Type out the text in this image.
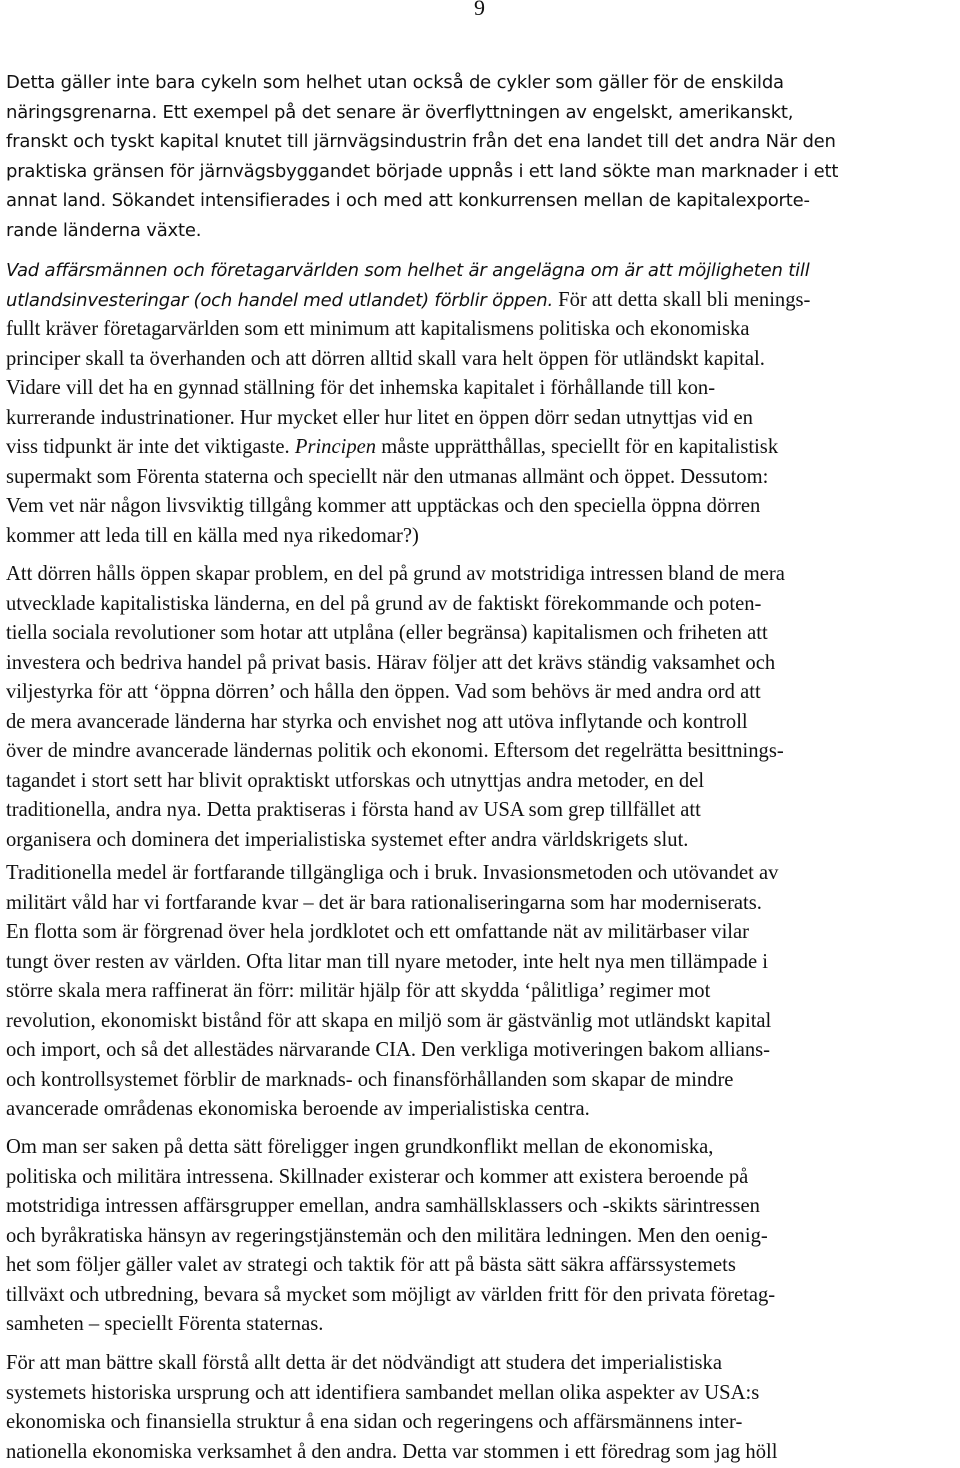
9
Detta gäller inte bara cykeln som helhet utan också de cykler som gäller för de enskilda
näringsgrenarna. Ett exempel på det senare är överflyttningen av engelskt, amerikanskt,
franskt och tyskt kapital knutet till järnvägsindustrin från det ena landet till det andra När den
praktiska gränsen för järnvägsbyggandet började uppnås i ett land sökte man marknader i ett
annat land. Sökandet intensifierades i och med att konkurrensen mellan de kapitalexporte-
rande länderna växte.
Vad affärsmännen och företagarvärlden som helhet är angelägna om är att möjligheten till
utlandsinvesteringar (och handel med utlandet) förblir öppen. För att detta skall bli menings-
fullt kräver företagarvärlden som ett minimum att kapitalismens politiska och ekonomiska
principer skall ta överhanden och att dörren alltid skall vara helt öppen för utländskt kapital.
Vidare vill det ha en gynnad ställning för det inhemska kapitalet i förhållande till kon-
kurrerande industrinationer. Hur mycket eller hur litet en öppen dörr sedan utnyttjas vid en
viss tidpunkt är inte det viktigaste. Principen måste upprätthållas, speciellt för en kapitalistisk
supermakt som Förenta staterna och speciellt när den utmanas allmänt och öppet. Dessutom:
Vem vet när någon livsviktig tillgång kommer att upptäckas och den speciella öppna dörren
kommer att leda till en källa med nya rikedomar?)
Att dörren hålls öppen skapar problem, en del på grund av motstridiga intressen bland de mera
utvecklade kapitalistiska länderna, en del på grund av de faktiskt förekommande och poten-
tiella sociala revolutioner som hotar att utplåna (eller begränsa) kapitalismen och friheten att
investera och bedriva handel på privat basis. Härav följer att det krävs ständig vaksamhet och
viljestyrka för att ‘öppna dörren’ och hålla den öppen. Vad som behövs är med andra ord att
de mera avancerade länderna har styrka och envishet nog att utöva inflytande och kontroll
över de mindre avancerade ländernas politik och ekonomi. Eftersom det regelrätta besittnings-
tagandet i stort sett har blivit opraktiskt utforskas och utnyttjas andra metoder, en del
traditionella, andra nya. Detta praktiseras i första hand av USA som grep tillfället att
organisera och dominera det imperialistiska systemet efter andra världskrigets slut.
Traditionella medel är fortfarande tillgängliga och i bruk. Invasionsmetoden och utövandet av
militärt våld har vi fortfarande kvar – det är bara rationaliseringarna som har moderniserats.
En flotta som är förgrenad över hela jordklotet och ett omfattande nät av militärbaser vilar
tungt över resten av världen. Ofta litar man till nyare metoder, inte helt nya men tillämpade i
större skala mera raffinerat än förr: militär hjälp för att skydda ‘pålitliga’ regimer mot
revolution, ekonomiskt bistånd för att skapa en miljö som är gästvänlig mot utländskt kapital
och import, och så det allestädes närvarande CIA. Den verkliga motiveringen bakom allians-
och kontrollsystemet förblir de marknads- och finansförhållanden som skapar de mindre
avancerade områdenas ekonomiska beroende av imperialistiska centra.
Om man ser saken på detta sätt föreligger ingen grundkonflikt mellan de ekonomiska,
politiska och militära intressena. Skillnader existerar och kommer att existera beroende på
motstridiga intressen affärsgrupper emellan, andra samhällsklassers och -skikts särintressen
och byråkratiska hänsyn av regeringstjänstemän och den militära ledningen. Men den oenig-
het som följer gäller valet av strategi och taktik för att på bästa sätt säkra affärssystemets
tillväxt och utbredning, bevara så mycket som möjligt av världen fritt för den privata företag-
samheten – speciellt Förenta staternas.
För att man bättre skall förstå allt detta är det nödvändigt att studera det imperialistiska
systemets historiska ursprung och att identifiera sambandet mellan olika aspekter av USA:s
ekonomiska och finansiella struktur å ena sidan och regeringens och affärsmännens inter-
nationella ekonomiska verksamhet å den andra. Detta var stommen i ett föredrag som jag höll
